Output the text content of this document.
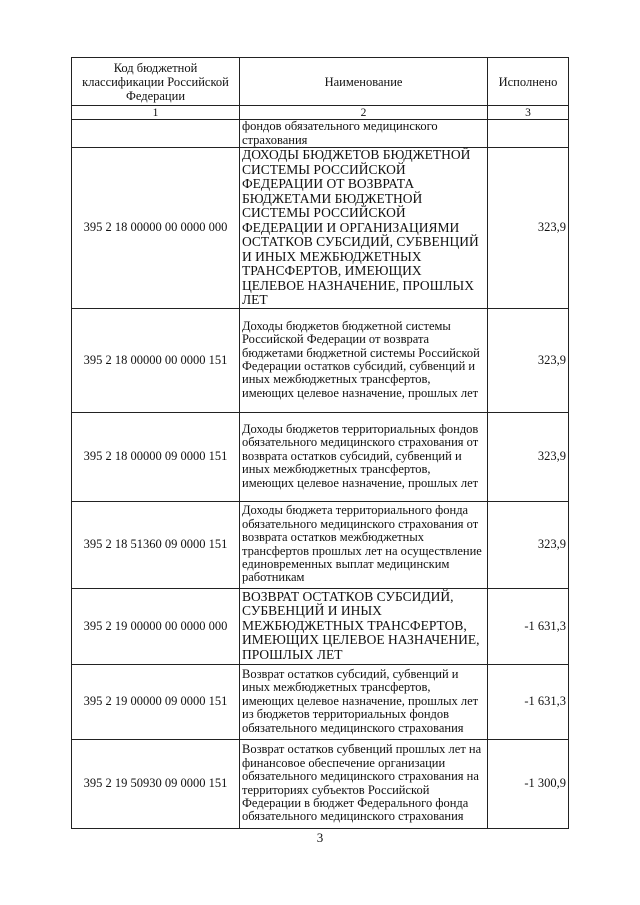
Код бюджетной классификации Российской Федерации	Наименование	Исполнено
1	2	3
	фондов обязательного медицинского страхования	
395 2 18 00000 00 0000 000	ДОХОДЫ БЮДЖЕТОВ БЮДЖЕТНОЙ СИСТЕМЫ РОССИЙСКОЙ ФЕДЕРАЦИИ ОТ ВОЗВРАТА БЮДЖЕТАМИ БЮДЖЕТНОЙ СИСТЕМЫ РОССИЙСКОЙ ФЕДЕРАЦИИ И ОРГАНИЗАЦИЯМИ ОСТАТКОВ СУБСИДИЙ, СУБВЕНЦИЙ И ИНЫХ МЕЖБЮДЖЕТНЫХ ТРАНСФЕРТОВ, ИМЕЮЩИХ ЦЕЛЕВОЕ НАЗНАЧЕНИЕ, ПРОШЛЫХ ЛЕТ	323,9
395 2 18 00000 00 0000 151	Доходы бюджетов бюджетной системы Российской Федерации от возврата бюджетами бюджетной системы Российской Федерации остатков субсидий, субвенций и иных межбюджетных трансфертов, имеющих целевое назначение, прошлых лет	323,9
395 2 18 00000 09 0000 151	Доходы бюджетов территориальных фондов обязательного медицинского страхования от возврата остатков субсидий, субвенций и иных межбюджетных трансфертов, имеющих целевое назначение, прошлых лет	323,9
395 2 18 51360 09 0000 151	Доходы бюджета территориального фонда обязательного медицинского страхования от возврата остатков межбюджетных трансфертов прошлых лет на осуществление единовременных выплат медицинским работникам	323,9
395 2 19 00000 00 0000 000	ВОЗВРАТ ОСТАТКОВ СУБСИДИЙ, СУБВЕНЦИЙ И ИНЫХ МЕЖБЮДЖЕТНЫХ ТРАНСФЕРТОВ, ИМЕЮЩИХ ЦЕЛЕВОЕ НАЗНАЧЕНИЕ, ПРОШЛЫХ ЛЕТ	-1 631,3
395 2 19 00000 09 0000 151	Возврат остатков субсидий, субвенций и иных межбюджетных трансфертов, имеющих целевое назначение, прошлых лет из бюджетов территориальных фондов обязательного медицинского страхования	-1 631,3
395 2 19 50930 09 0000 151	Возврат остатков субвенций прошлых лет на финансовое обеспечение организации обязательного медицинского страхования на территориях субъектов Российской Федерации в бюджет Федерального фонда обязательного медицинского страхования	-1 300,9
3
